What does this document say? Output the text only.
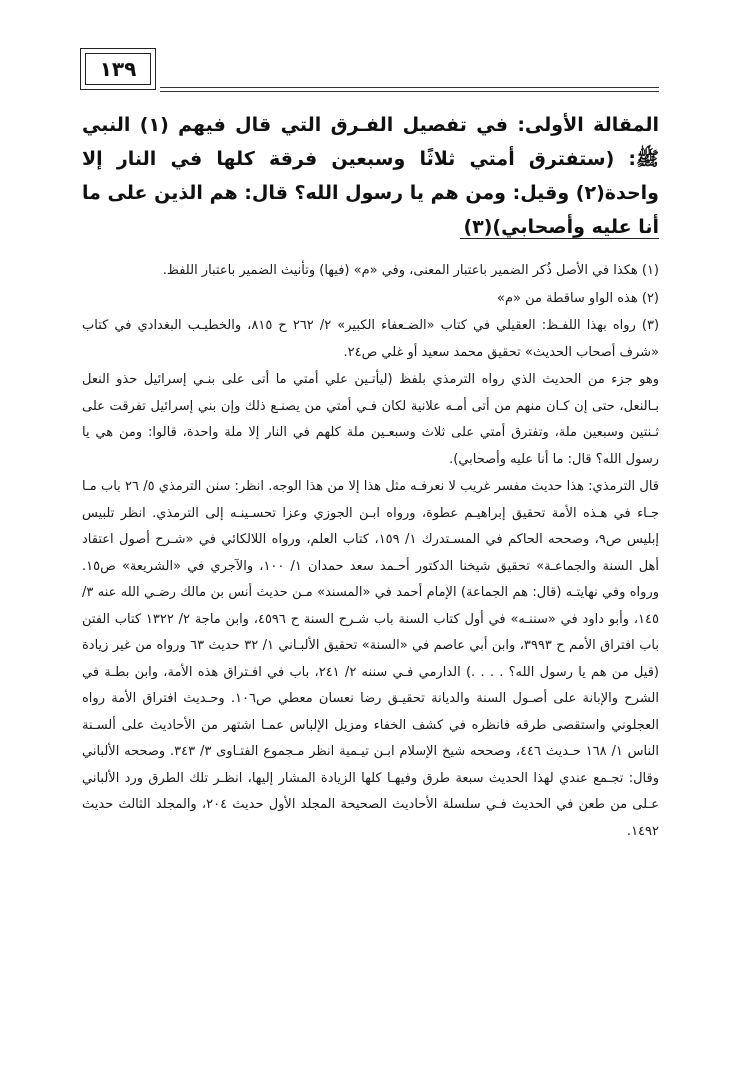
١٣٩
المقالة الأولى: في تفصيل الفـرق التي قال فيهم (١) النبي ﷺ: (ستفترق أمتي ثلاثًا وسبعين فرقة كلها في النار إلا واحدة(٢) وقيل: ومن هم يا رسول الله؟ قال: هم الذين على ما أنا عليه وأصحابي)(٣)

(١) هكذا في الأصل ذُكر الضمير باعتبار المعنى، وفي «م» (فيها) وتأنيث الضمير باعتبار اللفظ.

(٢) هذه الواو ساقطة من «م»

(٣) رواه بهذا اللفـظ: العقيلي في كتاب «الضـعفاء الكبير» ٢/ ٢٦٢ ح ٨١٥، والخطيـب البغدادي في كتاب «شرف أصحاب الحديث» تحقيق محمد سعيد أو غلي ص٢٤.

وهو جزء من الحديث الذي رواه الترمذي بلفظ (ليأتـين علي أمتي ما أتى على بنـي إسرائيل حذو النعل بـالنعل، حتى إن كـان منهم من أتى أمـه علانية لكان فـي أمتي من يصنـع ذلك وإن بني إسرائيل تفرقت على ثـنتين وسبعين ملة، وتفترق أمتي على ثلاث وسبعـين ملة كلهم في النار إلا ملة واحدة، قالوا: ومن هي يا رسول الله؟ قال: ما أنا عليه وأصحابي).

قال الترمذي: هذا حديث مفسر غريب لا نعرفـه مثل هذا إلا من هذا الوجه. انظر: سنن الترمذي ٥/ ٢٦ باب مـا جـاء في هـذه الأمة تحقيق إبراهيـم عطوة، ورواه ابـن الجوزي وعزا تحسـينـه إلى الترمذي. انظر تلبيس إبليس ص٩، وصححه الحاكم في المسـتدرك ١/ ١٥٩، كتاب العلم، ورواه اللالكائي في «شـرح أصول اعتقاد أهل السنة والجماعـة» تحقيق شيخنا الدكتور أحـمد سعد حمدان ١/ ١٠٠، والآجري في «الشريعة» ص١٥. ورواه وفي نهايتـه (قال: هم الجماعة) الإمام أحمد في «المسند» مـن حديث أنس بن مالك رضـي الله عنه ٣/ ١٤٥، وأبو داود في «سننـه» في أول كتاب السنة باب شـرح السنة ح ٤٥٩٦، وابن ماجة ٢/ ١٣٢٢ كتاب الفتن باب افتراق الأمم ح ٣٩٩٣، وابن أبي عاصم في «السنة» تحقيق الألبـاني ١/ ٣٢ حديث ٦٣ ورواه من غير زيادة (قيل من هم يا رسول الله؟ . . . .) الدارمي فـي سننه ٢/ ٢٤١، باب في افـتراق هذه الأمة، وابن بطـة في الشرح والإبانة على أصـول السنة والديانة تحقيـق رضا نعسان معطي ص١٠٦. وحـديث افتراق الأمة رواه العجلوني واستقصى طرقه فانظره في كشف الخفاء ومزيل الإلباس عمـا اشتهر من الأحاديث على ألسـنة الناس ١/ ١٦٨ حـديث ٤٤٦، وصححه شيخ الإسلام ابـن تيـمية انظر مـجموع الفتـاوى ٣/ ٣٤٣. وصححه الألباني وقال: تجـمع عندي لهذا الحديث سبعة طرق وفيهـا كلها الزيادة المشار إليها، انظـر تلك الطرق ورد الألباني عـلى من طعن في الحديث فـي سلسلة الأحاديث الصحيحة المجلد الأول حديث ٢٠٤، والمجلد الثالث حديث ١٤٩٢.
